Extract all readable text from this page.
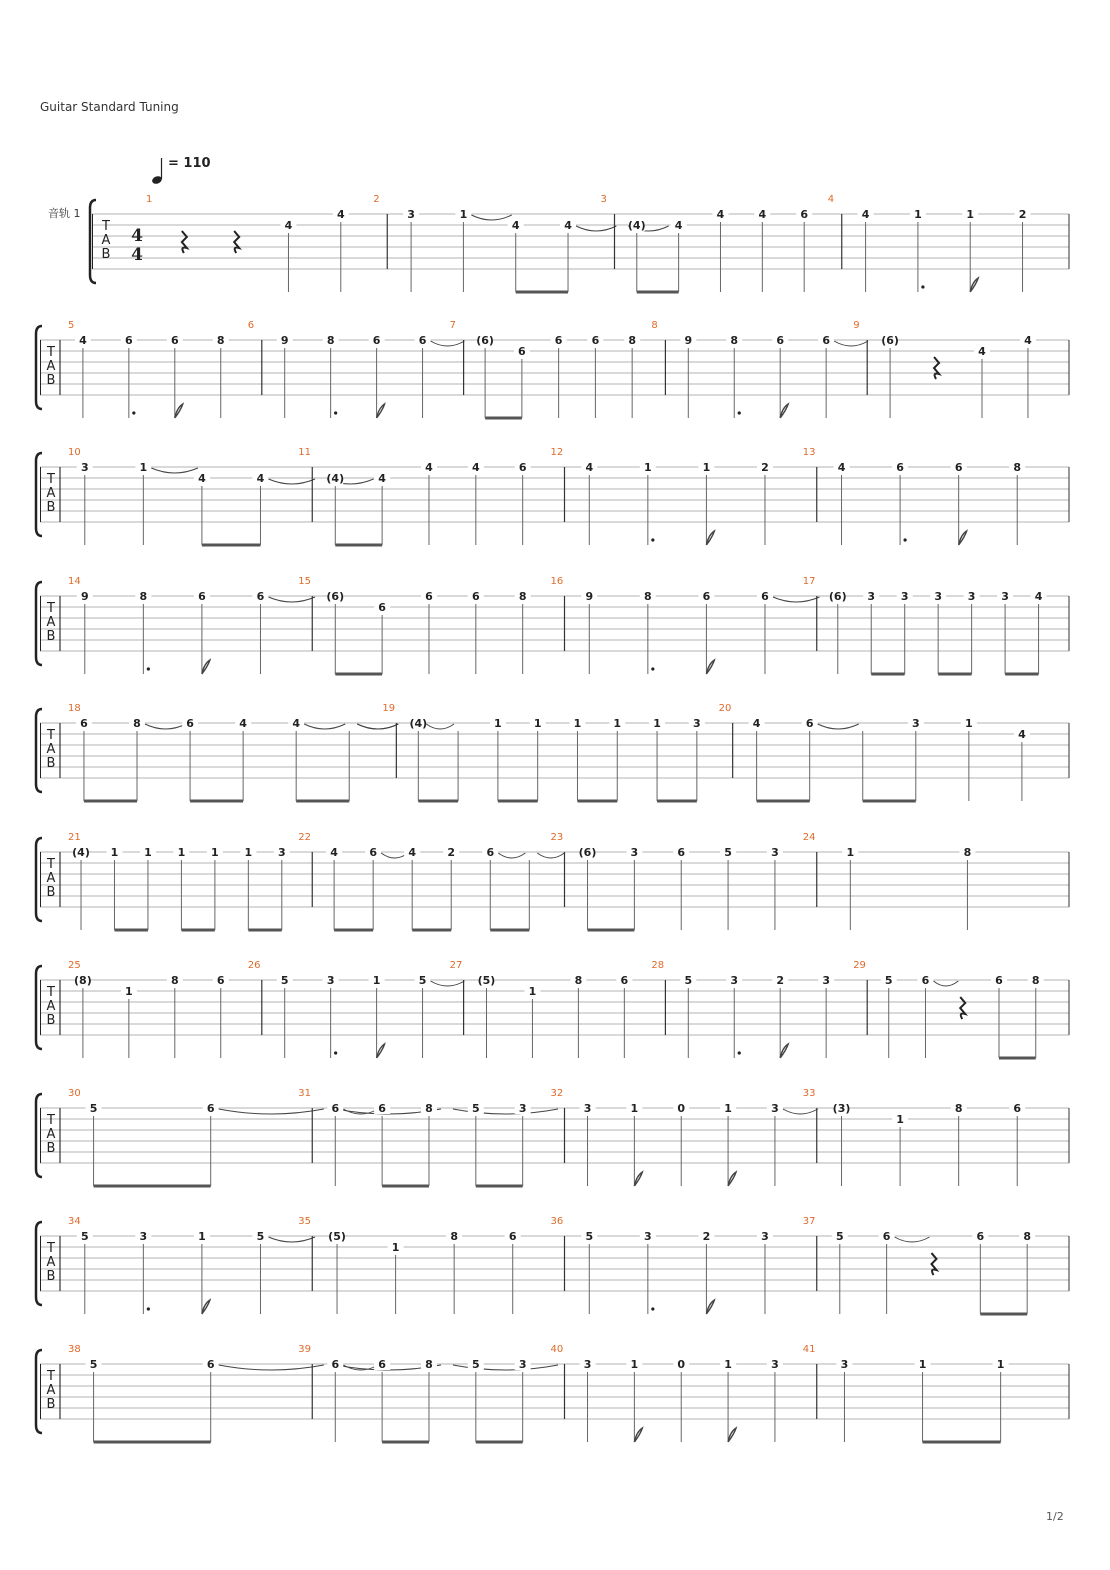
Guitar Standard Tuning
= 110
音轨 1
1/2
T
A
B
4
4
1
4
4
2
3	1
4	4
3
(4)	4
4	4	6
4
4	1	1	2
T
A
B
5
4	6	6	8
6
9	8	6	6
7
(6)
6
6	6	8
8
9	8	6	6
9
(6)
4
4
T
A
B
10
3	1
4	4
11
(4)	4
4	4	6
12
4	1	1	2
13
4	6	6	8
T
A
B
14
9	8	6	6
15
(6)
6
6	6	8
16
9	8	6	6
17
(6) 3 3 3 3 3 4
T
A
B
18
6	8	6	4	4
19
(4)	1	1	1	1	1	3
20
4	6	3	1
4
T
A
B
21
(4) 1 1 1 1 1 3
22
4	6	4	2	6
23
(6)	3	6	5	3
24
1	8
T
A
B
25
(8)
1
8	6
26
5	3	1	5
27
(5)
1
8	6
28
5	3	2	3
29
5	6	6	8
T
A
B
30
5	6
31
6	6	8	5	3
32
3	1	0	1	3
33
(3)
1
8	6
T
A
B
34
5	3	1	5
35
(5)
1
8	6
36
5	3	2	3
37
5	6	6	8
T
A
B
38
5	6
39
6	6	8	5	3
40
3	1	0	1	3
41
3	1	1
